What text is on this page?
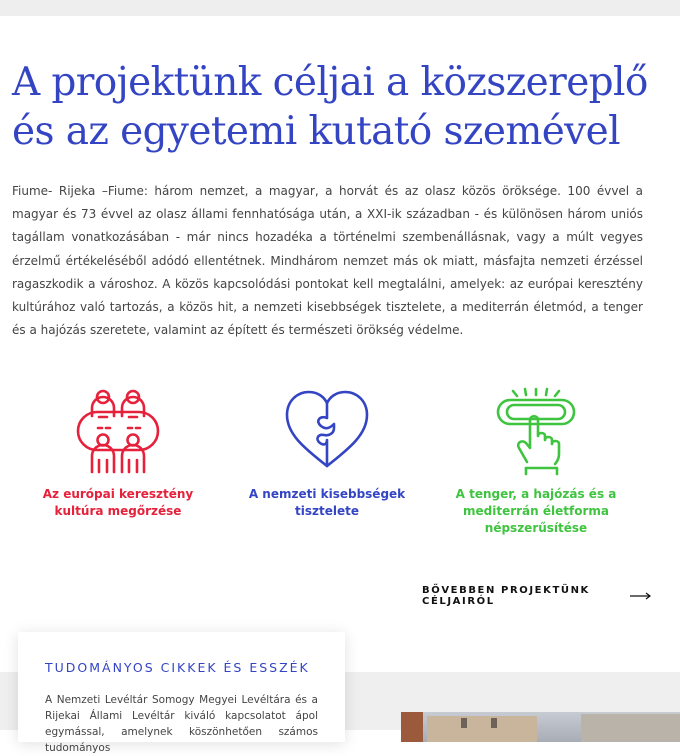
A projektünk céljai a közszereplő és az egyetemi kutató szemével

Fiume- Rijeka –Fiume: három nemzet, a magyar, a horvát és az olasz közös öröksége. 100 évvel a magyar és 73 évvel az olasz állami fennhatósága után, a XXI-ik században - és különösen három uniós tagállam vonatkozásában - már nincs hozadéka a történelmi szembenállásnak, vagy a múlt vegyes érzelmű értékeléséből adódó ellentétnek. Mindhárom nemzet más ok miatt, másfajta nemzeti érzéssel ragaszkodik a városhoz. A közös kapcsolódási pontokat kell megtalálni, amelyek: az európai keresztény kultúrához való tartozás, a közös hit, a nemzeti kisebbségek tisztelete, a mediterrán életmód, a tenger és a hajózás szeretete, valamint az épített és természeti örökség védelme.

Az európai keresztény kultúra megőrzése
A nemzeti kisebbségek tisztelete
A tenger, a hajózás és a mediterrán életforma népszerűsítése
BŐVEBBEN PROJEKTÜNK CÉLJAIRÓL
TUDOMÁNYOS CIKKEK ÉS ESSZÉK

A Nemzeti Levéltár Somogy Megyei Levéltára és a Rijekai Állami Levéltár kiváló kapcsolatot ápol egymással, amelynek köszönhetően számos tudományos
